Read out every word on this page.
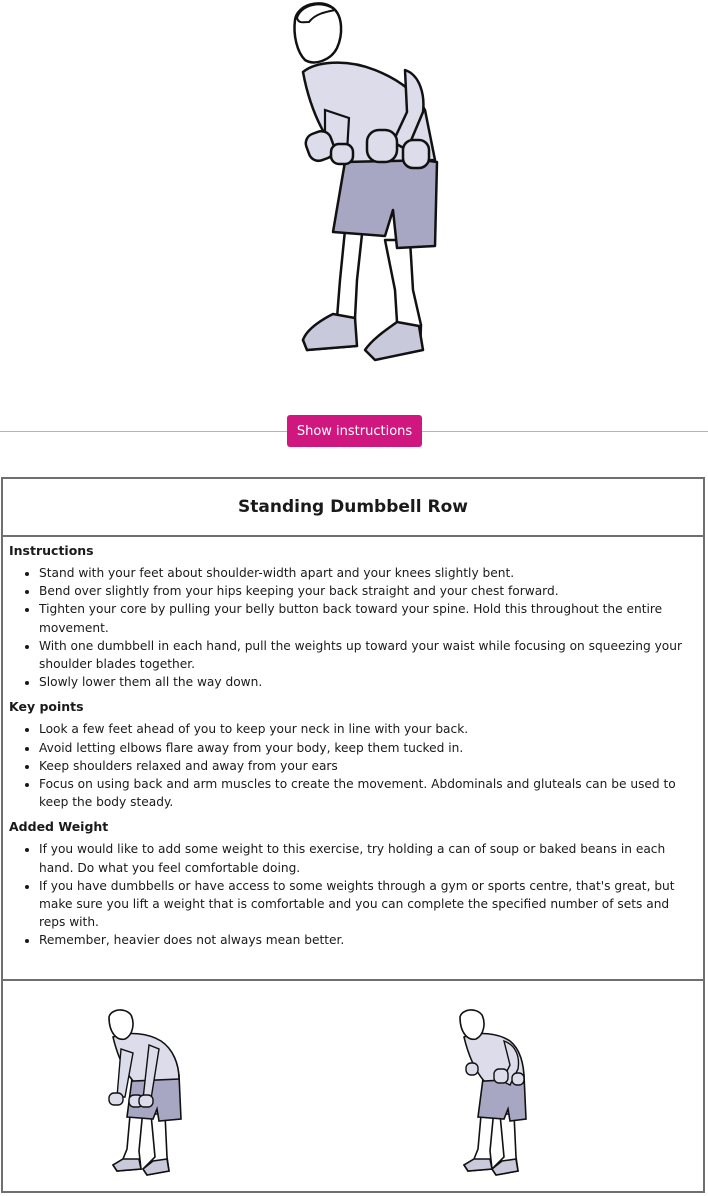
Show instructions
Standing Dumbbell Row
Instructions
• Stand with your feet about shoulder-width apart and your knees slightly bent.
• Bend over slightly from your hips keeping your back straight and your chest forward.
• Tighten your core by pulling your belly button back toward your spine. Hold this throughout the entire movement.
• With one dumbbell in each hand, pull the weights up toward your waist while focusing on squeezing your shoulder blades together.
• Slowly lower them all the way down.
Key points
• Look a few feet ahead of you to keep your neck in line with your back.
• Avoid letting elbows flare away from your body, keep them tucked in.
• Keep shoulders relaxed and away from your ears
• Focus on using back and arm muscles to create the movement. Abdominals and gluteals can be used to keep the body steady.
Added Weight
• If you would like to add some weight to this exercise, try holding a can of soup or baked beans in each hand. Do what you feel comfortable doing.
• If you have dumbbells or have access to some weights through a gym or sports centre, that's great, but make sure you lift a weight that is comfortable and you can complete the specified number of sets and reps with.
• Remember, heavier does not always mean better.
